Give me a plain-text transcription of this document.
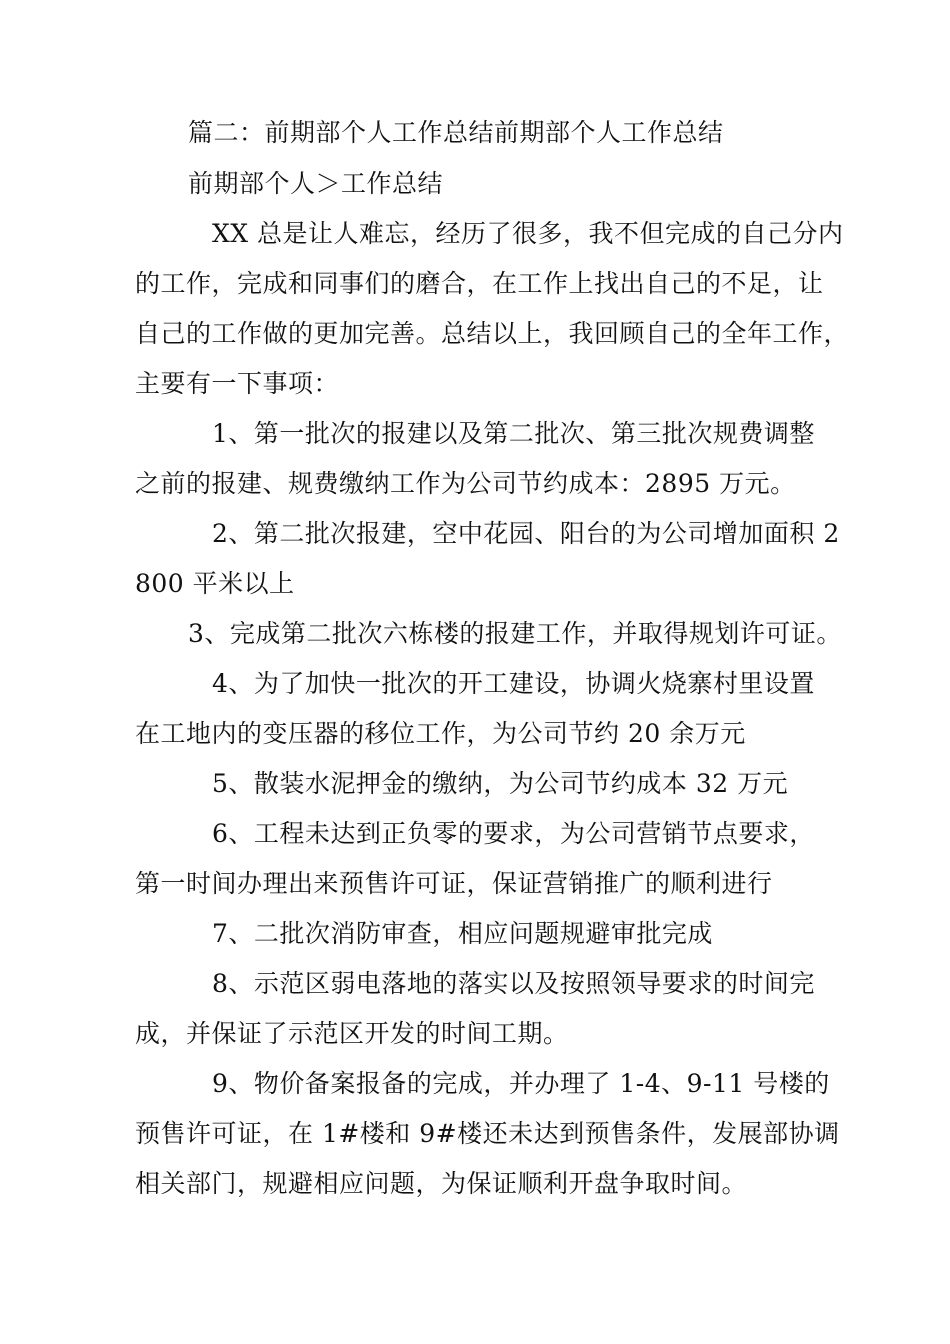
篇二：前期部个人工作总结前期部个人工作总结
前期部个人＞工作总结
XX 总是让人难忘，经历了很多，我不但完成的自己分内
的工作，完成和同事们的磨合，在工作上找出自己的不足，让
自己的工作做的更加完善。总结以上，我回顾自己的全年工作，
主要有一下事项：
1、第一批次的报建以及第二批次、第三批次规费调整
之前的报建、规费缴纳工作为公司节约成本：2895 万元。
2、第二批次报建，空中花园、阳台的为公司增加面积 2
800 平米以上
3、完成第二批次六栋楼的报建工作，并取得规划许可证。
4、为了加快一批次的开工建设，协调火烧寨村里设置
在工地内的变压器的移位工作，为公司节约 20 余万元
5、散装水泥押金的缴纳，为公司节约成本 32 万元
6、工程未达到正负零的要求，为公司营销节点要求，
第一时间办理出来预售许可证，保证营销推广的顺利进行
7、二批次消防审查，相应问题规避审批完成
8、示范区弱电落地的落实以及按照领导要求的时间完
成，并保证了示范区开发的时间工期。
9、物价备案报备的完成，并办理了 1-4、9-11 号楼的
预售许可证，在 1#楼和 9#楼还未达到预售条件，发展部协调
相关部门，规避相应问题，为保证顺利开盘争取时间。
